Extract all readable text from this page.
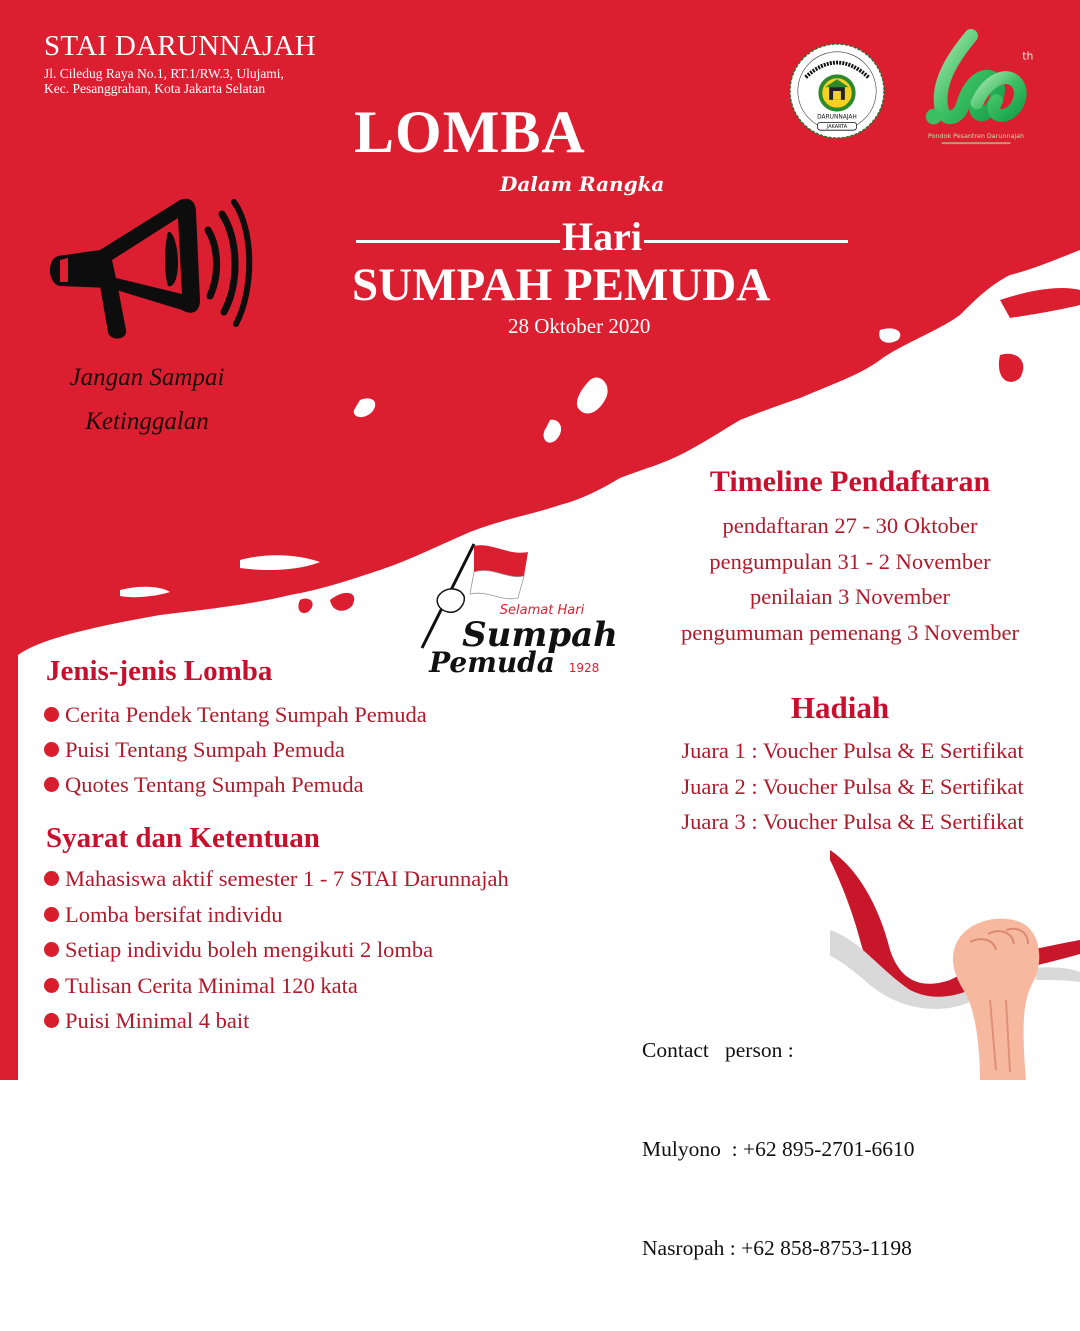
STAI DARUNNAJAH
Jl. Ciledug Raya No.1, RT.1/RW.3, Ulujami,
Kec. Pesanggrahan, Kota Jakarta Selatan
DARUNNAJAH
JAKARTA
th
Pondok Pesantren Darunnajah
LOMBA
Dalam Rangka
Hari
SUMPAH PEMUDA
28 Oktober 2020
Jangan Sampai
Ketinggalan
Selamat Hari
Sumpah
Pemuda 1928
Timeline Pendaftaran
pendaftaran 27 - 30 Oktober
pengumpulan 31 - 2 November
penilaian 3 November
pengumuman pemenang 3 November
Hadiah
Juara 1 : Voucher Pulsa & E Sertifikat
Juara 2 : Voucher Pulsa & E Sertifikat
Juara 3 : Voucher Pulsa & E Sertifikat
Jenis-jenis Lomba
Cerita Pendek Tentang Sumpah Pemuda
Puisi Tentang Sumpah Pemuda
Quotes Tentang Sumpah Pemuda
Syarat dan Ketentuan
Mahasiswa aktif semester 1 - 7 STAI Darunnajah
Lomba bersifat individu
Setiap individu boleh mengikuti 2 lomba
Tulisan Cerita Minimal 120 kata
Puisi Minimal 4 bait

Contact   person :

Mulyono  : +62 895-2701-6610

Nasropah : +62 858-8753-1198
